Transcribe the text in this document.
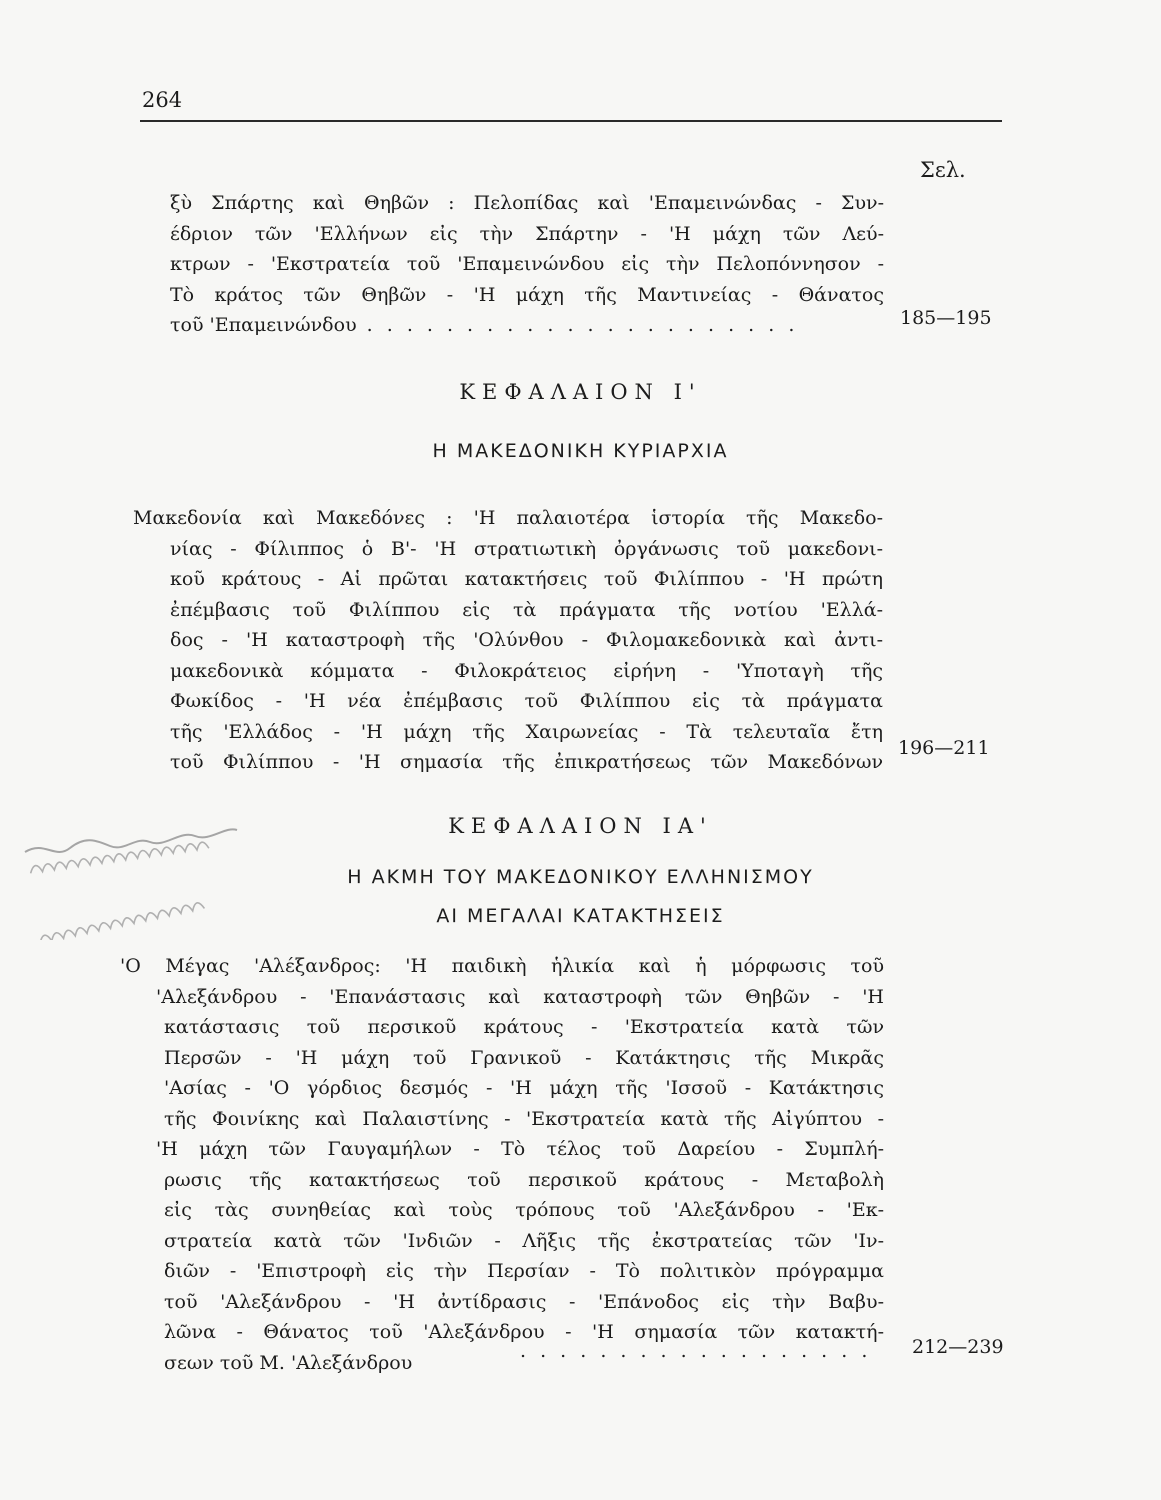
264
Σελ.
ξὺ Σπάρτης καὶ Θηβῶν : Πελοπίδας καὶ 'Επαμεινώνδας - Συν-
έδριον τῶν 'Ελλήνων εἰς τὴν Σπάρτην - 'Η μάχη τῶν Λεύ-
κτρων - 'Εκστρατεία τοῦ 'Επαμεινώνδου εἰς τὴν Πελοπόννησον -
Τὸ κράτος τῶν Θηβῶν - 'Η μάχη τῆς Μαντινείας - Θάνατος
τοῦ 'Επαμεινώνδου . . . . . . . . . . . . . . . . . . . . . .	185—195
ΚΕΦΑΛΑΙΟΝ Ι'
Η ΜΑΚΕΔΟΝΙΚΗ ΚΥΡΙΑΡΧΙΑ
Μακεδονία καὶ Μακεδόνες : 'Η παλαιοτέρα ἱστορία τῆς Μακεδο-
νίας - Φίλιππος ὁ Β'- 'Η στρατιωτικὴ ὀργάνωσις τοῦ μακεδονι-
κοῦ κράτους - Αἱ πρῶται κατακτήσεις τοῦ Φιλίππου - 'Η πρώτη
ἐπέμβασις τοῦ Φιλίππου εἰς τὰ πράγματα τῆς νοτίου 'Ελλά-
δος - 'Η καταστροφὴ τῆς 'Ολύνθου - Φιλομακεδονικὰ καὶ ἀντι-
μακεδονικὰ κόμματα - Φιλοκράτειος εἰρήνη - 'Υποταγὴ τῆς
Φωκίδος - 'Η νέα ἐπέμβασις τοῦ Φιλίππου εἰς τὰ πράγματα
τῆς 'Ελλάδος - 'Η μάχη τῆς Χαιρωνείας - Τὰ τελευταῖα ἔτη
τοῦ Φιλίππου - 'Η σημασία τῆς ἐπικρατήσεως τῶν Μακεδόνων
196—211
ΚΕΦΑΛΑΙΟΝ ΙΑ'
Η ΑΚΜΗ ΤΟΥ ΜΑΚΕΔΟΝΙΚΟΥ ΕΛΛΗΝΙΣΜΟΥ
ΑΙ ΜΕΓΑΛΑΙ ΚΑΤΑΚΤΗΣΕΙΣ
'Ο Μέγας 'Αλέξανδρος: 'Η παιδικὴ ἡλικία καὶ ἡ μόρφωσις τοῦ
'Αλεξάνδρου - 'Επανάστασις καὶ καταστροφὴ τῶν Θηβῶν - 'Η
κατάστασις τοῦ περσικοῦ κράτους - 'Εκστρατεία κατὰ τῶν
Περσῶν - 'Η μάχη τοῦ Γρανικοῦ - Κατάκτησις τῆς Μικρᾶς
'Ασίας - 'Ο γόρδιος δεσμός - 'Η μάχη τῆς 'Ισσοῦ - Κατάκτησις
τῆς Φοινίκης καὶ Παλαιστίνης - 'Εκστρατεία κατὰ τῆς Αἰγύπτου -
'Η μάχη τῶν Γαυγαμήλων - Τὸ τέλος τοῦ Δαρείου - Συμπλή-
ρωσις τῆς κατακτήσεως τοῦ περσικοῦ κράτους - Μεταβολὴ
εἰς τὰς συνηθείας καὶ τοὺς τρόπους τοῦ 'Αλεξάνδρου - 'Εκ-
στρατεία κατὰ τῶν 'Ινδιῶν - Λῆξις τῆς ἐκστρατείας τῶν 'Ιν-
διῶν - 'Επιστροφὴ εἰς τὴν Περσίαν - Τὸ πολιτικὸν πρόγραμμα
τοῦ 'Αλεξάνδρου - 'Η ἀντίδρασις - 'Επάνοδος εἰς τὴν Βαβυ-
λῶνα - Θάνατος τοῦ 'Αλεξάνδρου - 'Η σημασία τῶν κατακτή-
σεων τοῦ Μ. 'Αλεξάνδρου
. . . . . . . . . . . . . . . . . . 212—239
